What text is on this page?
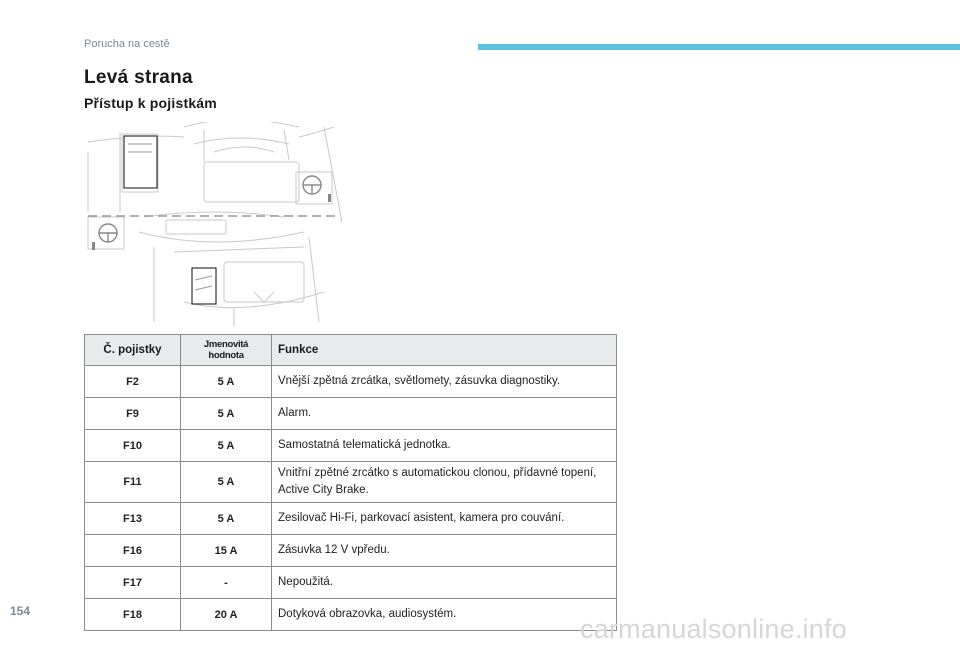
Porucha na cestě
Levá strana
Přístup k pojistkám
Č. pojistky	Jmenovitá hodnota	Funkce
F2	5 A	Vnější zpětná zrcátka, světlomety, zásuvka diagnostiky.
F9	5 A	Alarm.
F10	5 A	Samostatná telematická jednotka.
F11	5 A	Vnitřní zpětné zrcátko s automatickou clonou, přídavné topení, Active City Brake.
F13	5 A	Zesilovač Hi-Fi, parkovací asistent, kamera pro couvání.
F16	15 A	Zásuvka 12 V vpředu.
F17	-	Nepoužitá.
F18	20 A	Dotyková obrazovka, audiosystém.
154
carmanualsonline.info
